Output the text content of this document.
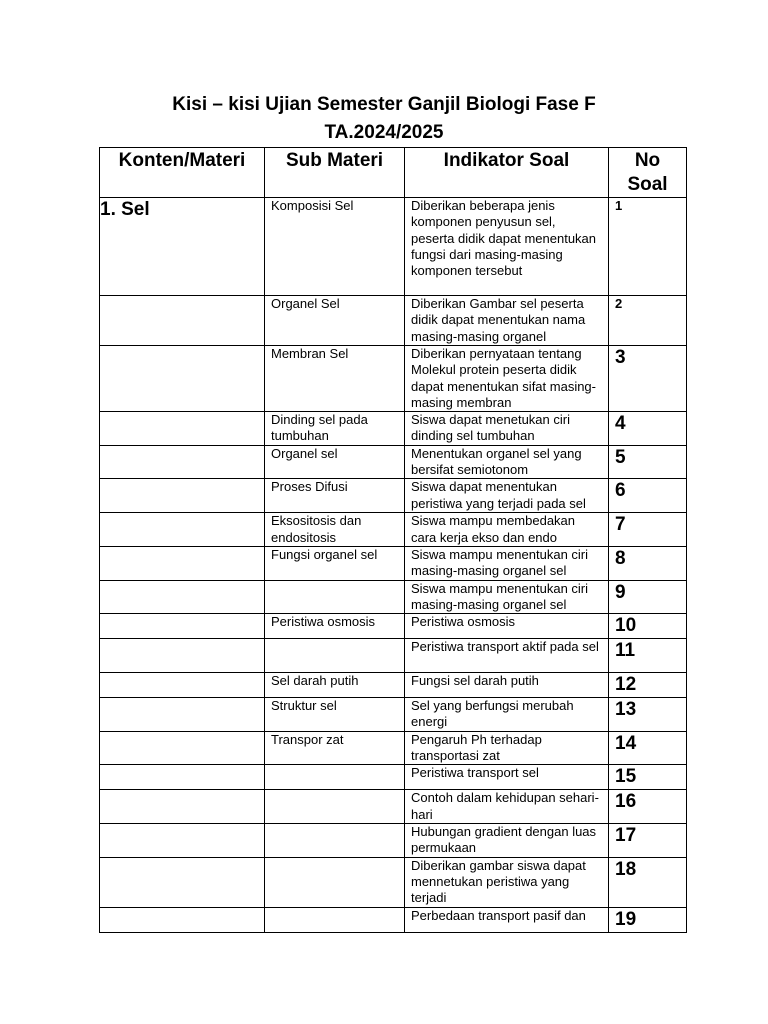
Kisi – kisi Ujian Semester Ganjil Biologi Fase F
TA.2024/2025
Konten/Materi	Sub Materi	Indikator Soal	No Soal
1. Sel	Komposisi Sel	Diberikan beberapa jenis komponen penyusun sel, peserta didik dapat menentukan fungsi dari masing-masing komponen tersebut	1
	Organel Sel	Diberikan Gambar sel peserta didik dapat menentukan nama masing-masing organel	2
	Membran Sel	Diberikan pernyataan tentang Molekul protein peserta didik dapat menentukan sifat masing-masing membran	3
	Dinding sel pada tumbuhan	Siswa dapat menetukan ciri dinding sel tumbuhan	4
	Organel sel	Menentukan organel sel yang bersifat semiotonom	5
	Proses Difusi	Siswa dapat menentukan peristiwa yang terjadi pada sel	6
	Eksositosis dan endositosis	Siswa mampu membedakan cara kerja ekso dan endo	7
	Fungsi organel sel	Siswa mampu menentukan ciri masing-masing organel sel	8
		Siswa mampu menentukan ciri masing-masing organel sel	9
	Peristiwa osmosis	Peristiwa osmosis	10
		Peristiwa transport aktif pada sel	11
	Sel darah putih	Fungsi sel darah putih	12
	Struktur sel	Sel yang berfungsi merubah energi	13
	Transpor zat	Pengaruh Ph terhadap transportasi zat	14
		Peristiwa transport sel	15
		Contoh dalam kehidupan sehari-hari	16
		Hubungan gradient dengan luas permukaan	17
		Diberikan gambar siswa dapat mennetukan peristiwa yang terjadi	18
		Perbedaan transport pasif dan	19
